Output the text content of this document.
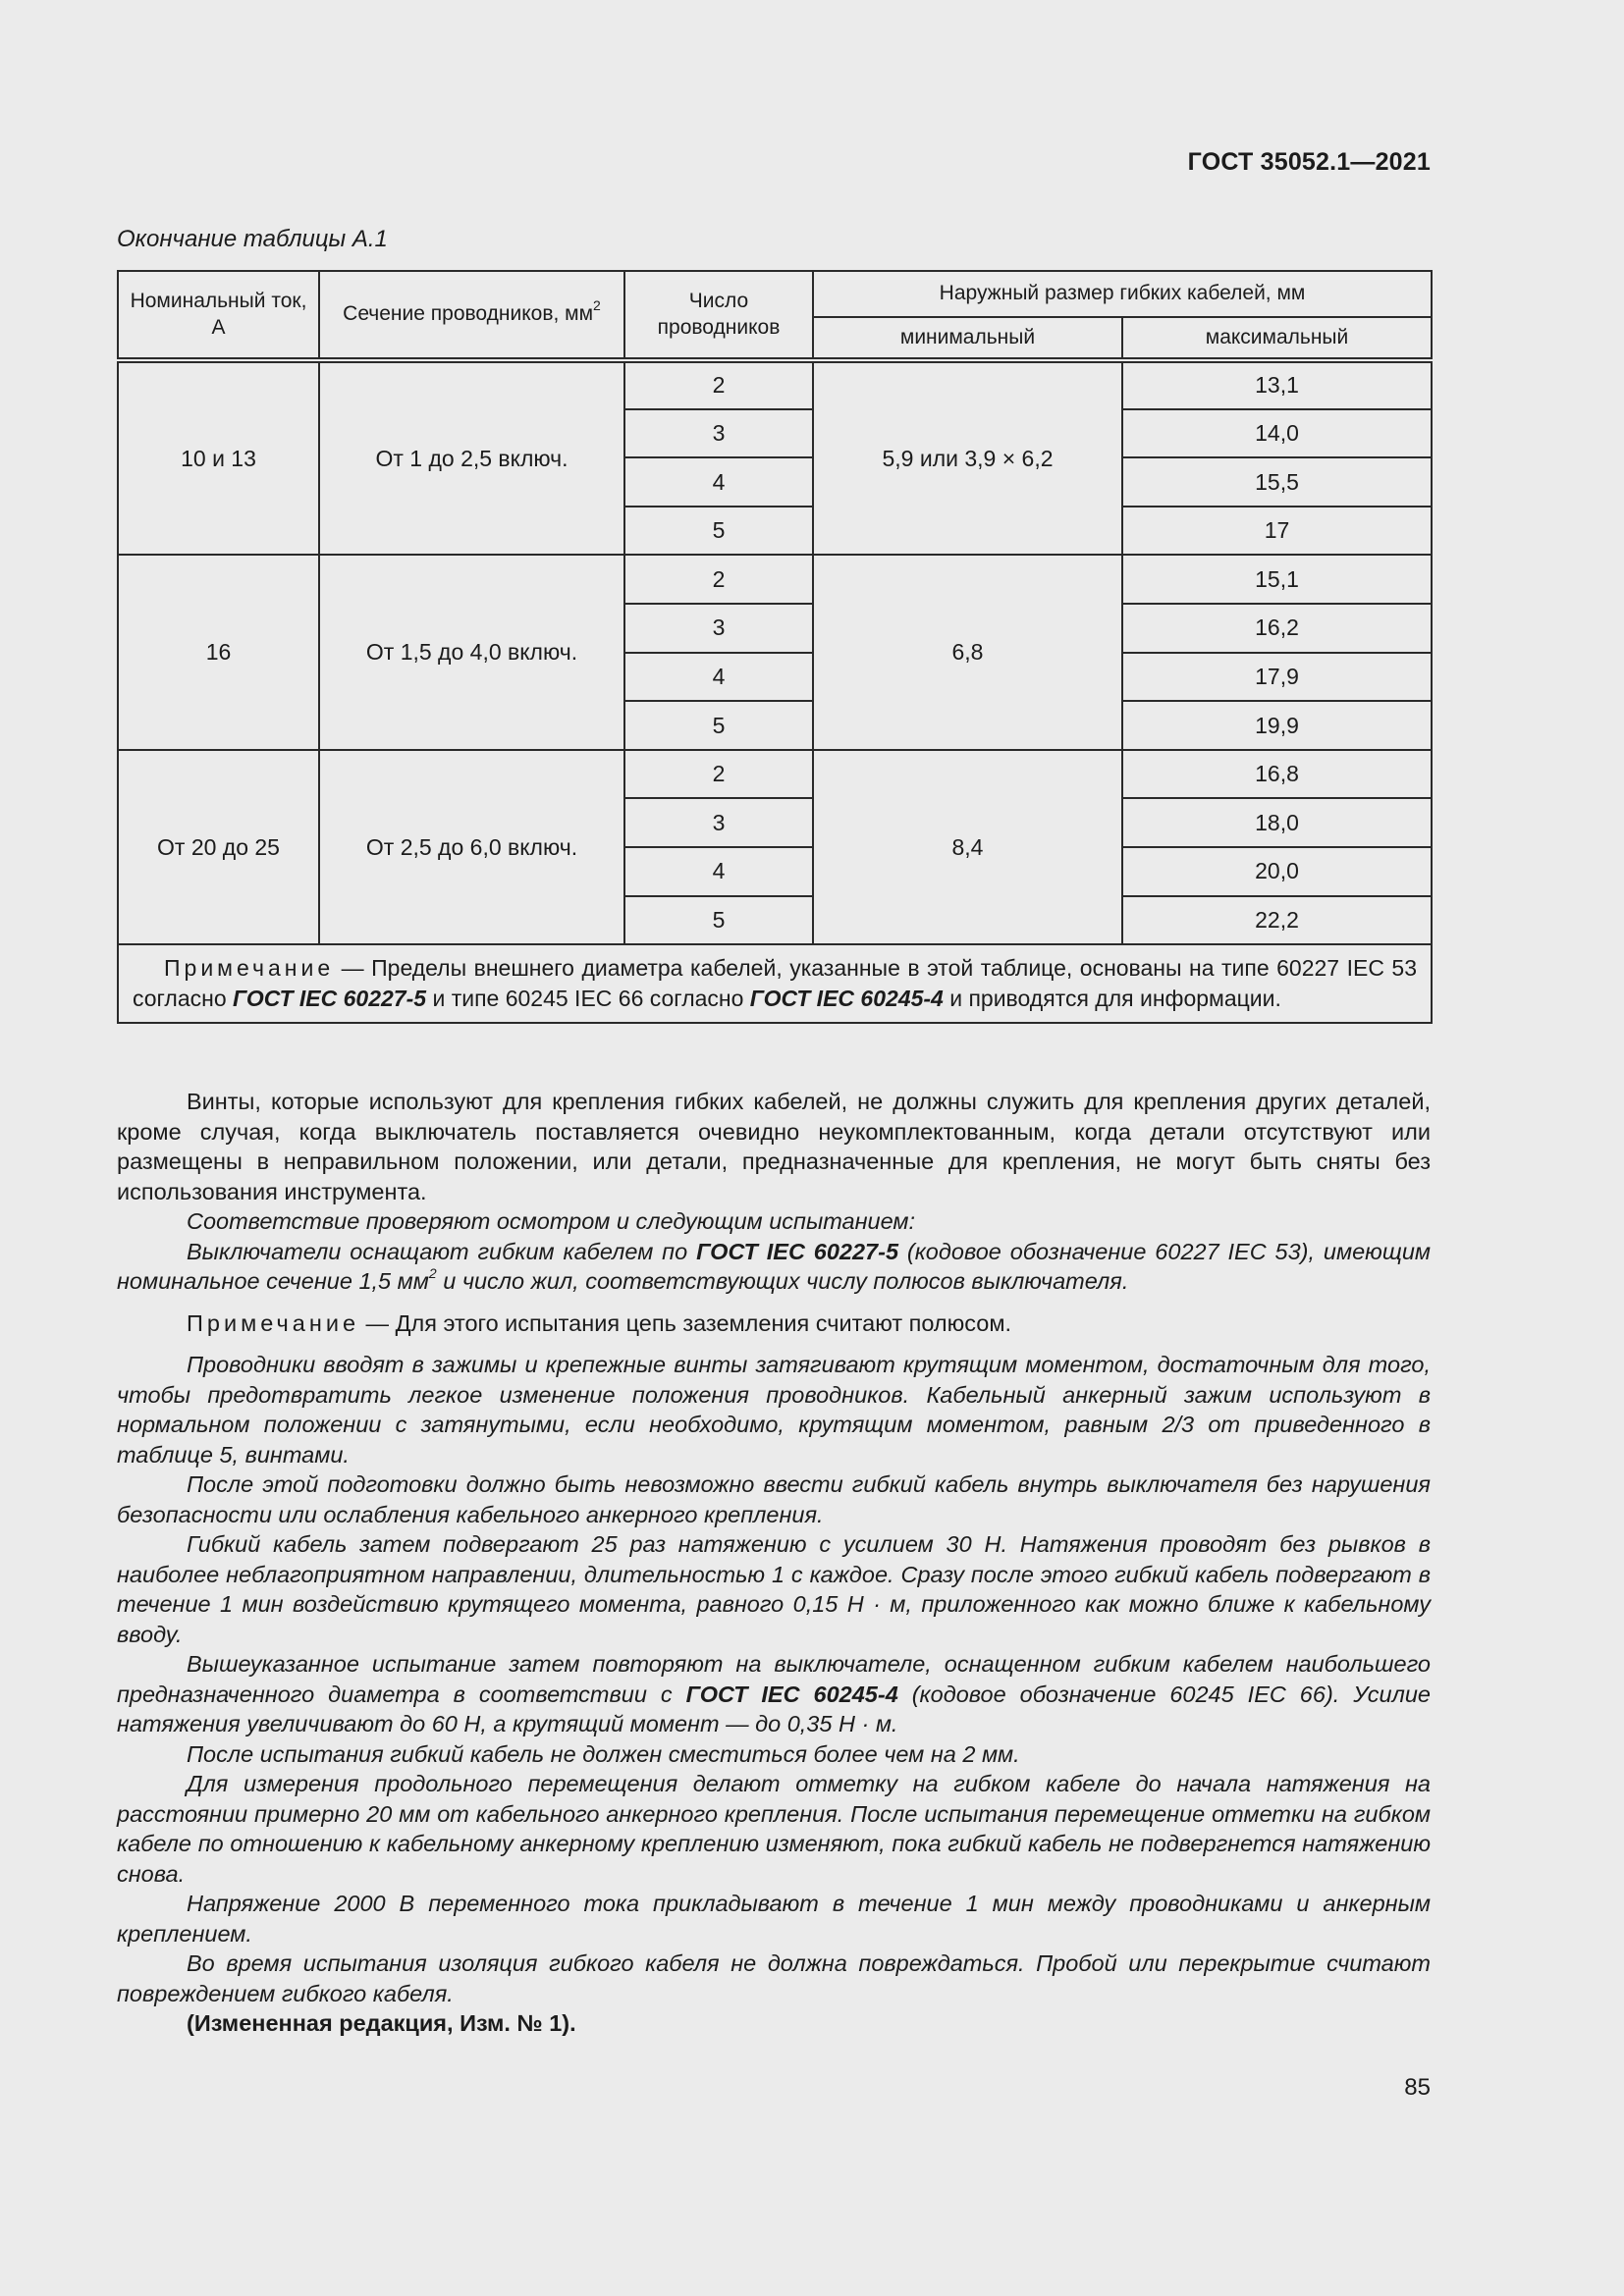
ГОСТ 35052.1—2021
Окончание таблицы А.1
Номинальный ток, А	Сечение проводников, $мм^2$	Число проводников	Наружный размер гибких кабелей, мм	
			минимальный	максимальный
10 и 13	От 1 до 2,5 включ.	2	5,9 или 3,9 × 6,2	13,1
		3		14,0
		4		15,5
		5		17
16	От 1,5 до 4,0 включ.	2	6,8	15,1
		3		16,2
		4		17,9
		5		19,9
От 20 до 25	От 2,5 до 6,0 включ.	2	8,4	16,8
		3		18,0
		4		20,0
		5		22,2
Примечание — Пределы внешнего диаметра кабелей, указанные в этой таблице, основаны на типе 60227 IEC 53 согласно ГОСТ IEC 60227-5 и типе 60245 IEC 66 согласно ГОСТ IEC 60245-4 и приводятся для информации.				

Винты, которые используют для крепления гибких кабелей, не должны служить для крепления других деталей, кроме случая, когда выключатель поставляется очевидно неукомплектованным, когда детали отсутствуют или размещены в неправильном положении, или детали, предназначенные для крепления, не могут быть сняты без использования инструмента.

Соответствие проверяют осмотром и следующим испытанием:

Выключатели оснащают гибким кабелем по ГОСТ IEC 60227-5 (кодовое обозначение 60227 IEC 53), имеющим номинальное сечение 1,5 $мм^2$ и число жил, соответствующих числу полюсов выключателя.

Примечание — Для этого испытания цепь заземления считают полюсом.

Проводники вводят в зажимы и крепежные винты затягивают крутящим моментом, достаточным для того, чтобы предотвратить легкое изменение положения проводников. Кабельный анкерный зажим используют в нормальном положении с затянутыми, если необходимо, крутящим моментом, равным 2/3 от приведенного в таблице 5, винтами.

После этой подготовки должно быть невозможно ввести гибкий кабель внутрь выключателя без нарушения безопасности или ослабления кабельного анкерного крепления.

Гибкий кабель затем подвергают 25 раз натяжению с усилием 30 Н. Натяжения проводят без рывков в наиболее неблагоприятном направлении, длительностью 1 с каждое. Сразу после этого гибкий кабель подвергают в течение 1 мин воздействию крутящего момента, равного 0,15 Н · м, приложенного как можно ближе к кабельному вводу.

Вышеуказанное испытание затем повторяют на выключателе, оснащенном гибким кабелем наибольшего предназначенного диаметра в соответствии с ГОСТ IEC 60245-4 (кодовое обозначение 60245 IEC 66). Усилие натяжения увеличивают до 60 Н, а крутящий момент — до 0,35 Н · м.

После испытания гибкий кабель не должен сместиться более чем на 2 мм.

Для измерения продольного перемещения делают отметку на гибком кабеле до начала натяжения на расстоянии примерно 20 мм от кабельного анкерного крепления. После испытания перемещение отметки на гибком кабеле по отношению к кабельному анкерному креплению изменяют, пока гибкий кабель не подвергнется натяжению снова.

Напряжение 2000 В переменного тока прикладывают в течение 1 мин между проводниками и анкерным креплением.

Во время испытания изоляция гибкого кабеля не должна повреждаться. Пробой или перекрытие считают повреждением гибкого кабеля.

(Измененная редакция, Изм. № 1).

85
